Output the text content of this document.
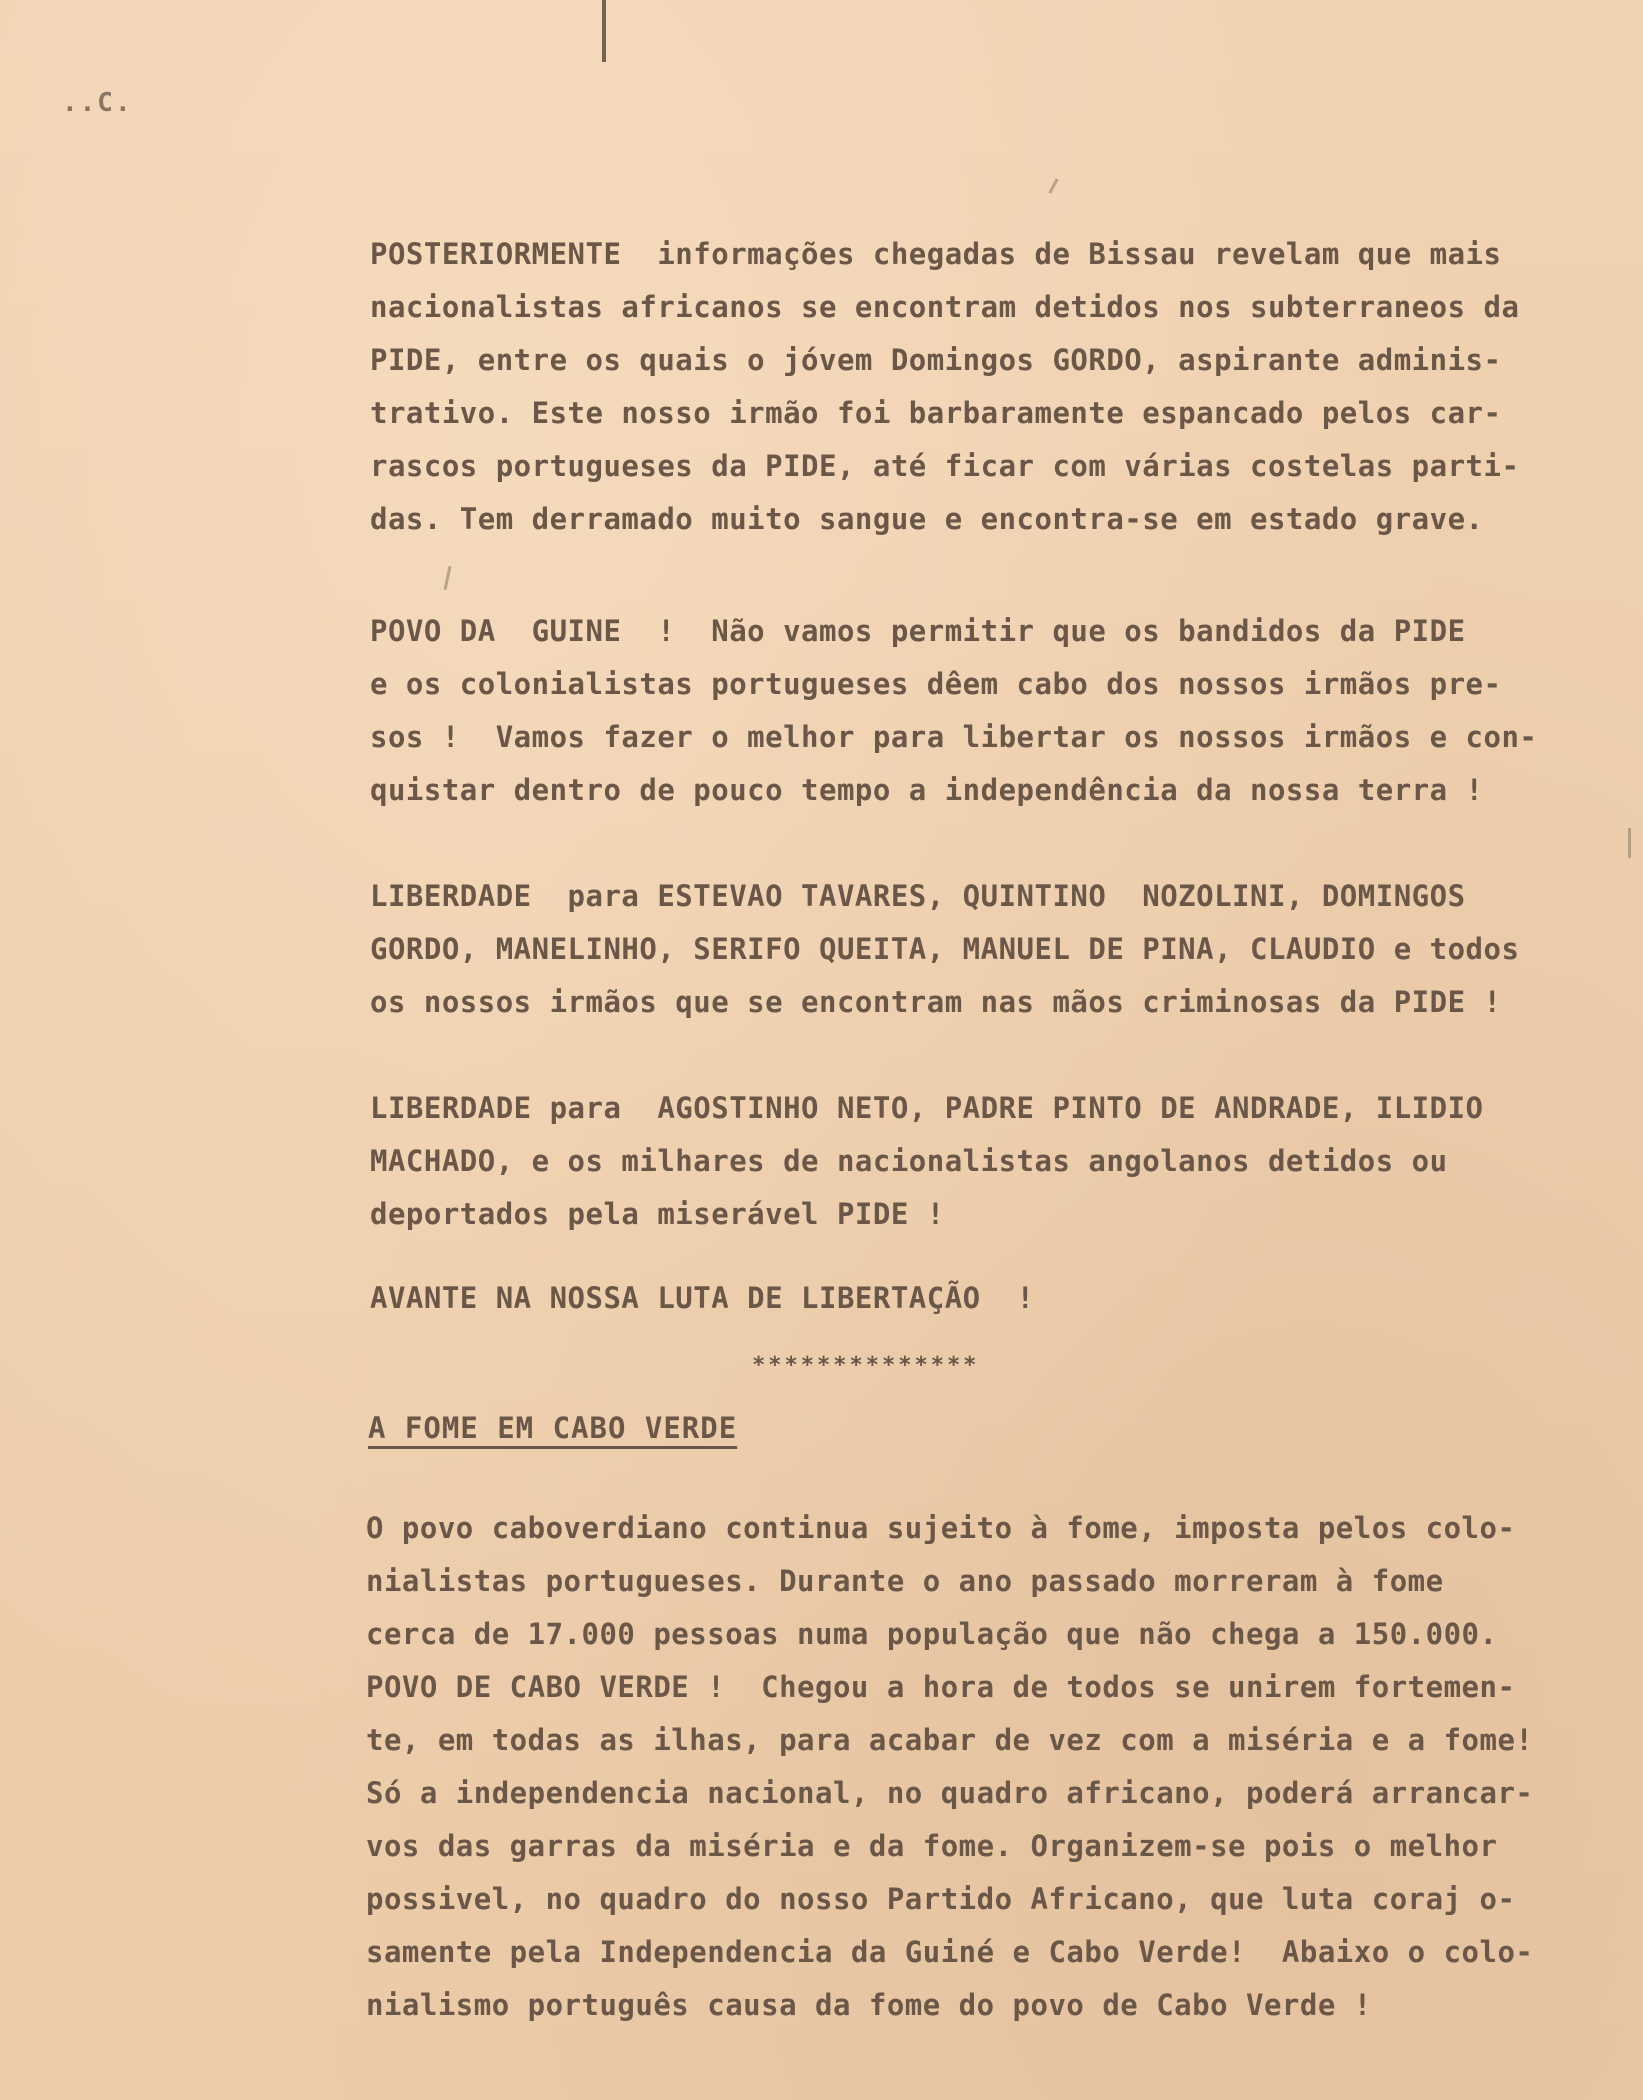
..C.
POSTERIORMENTE  informações chegadas de Bissau revelam que mais
nacionalistas africanos se encontram detidos nos subterraneos da
PIDE, entre os quais o jóvem Domingos GORDO, aspirante adminis-
trativo. Este nosso irmão foi barbaramente espancado pelos car-
rascos portugueses da PIDE, até ficar com várias costelas parti-
das. Tem derramado muito sangue e encontra-se em estado grave.
POVO DA  GUINE  !  Não vamos permitir que os bandidos da PIDE
e os colonialistas portugueses dêem cabo dos nossos irmãos pre-
sos !  Vamos fazer o melhor para libertar os nossos irmãos e con-
quistar dentro de pouco tempo a independência da nossa terra !
LIBERDADE  para ESTEVAO TAVARES, QUINTINO  NOZOLINI, DOMINGOS
GORDO, MANELINHO, SERIFO QUEITA, MANUEL DE PINA, CLAUDIO e todos
os nossos irmãos que se encontram nas mãos criminosas da PIDE !
LIBERDADE para  AGOSTINHO NETO, PADRE PINTO DE ANDRADE, ILIDIO
MACHADO, e os milhares de nacionalistas angolanos detidos ou
deportados pela miserável PIDE !
AVANTE NA NOSSA LUTA DE LIBERTAÇÃO  !
**************
A FOME EM CABO VERDE
O povo caboverdiano continua sujeito à fome, imposta pelos colo-
nialistas portugueses. Durante o ano passado morreram à fome
cerca de 17.000 pessoas numa população que não chega a 150.000.
POVO DE CABO VERDE !  Chegou a hora de todos se unirem fortemen-
te, em todas as ilhas, para acabar de vez com a miséria e a fome!
Só a independencia nacional, no quadro africano, poderá arrancar-
vos das garras da miséria e da fome. Organizem-se pois o melhor
possivel, no quadro do nosso Partido Africano, que luta coraj o-
samente pela Independencia da Guiné e Cabo Verde!  Abaixo o colo-
nialismo português causa da fome do povo de Cabo Verde !
